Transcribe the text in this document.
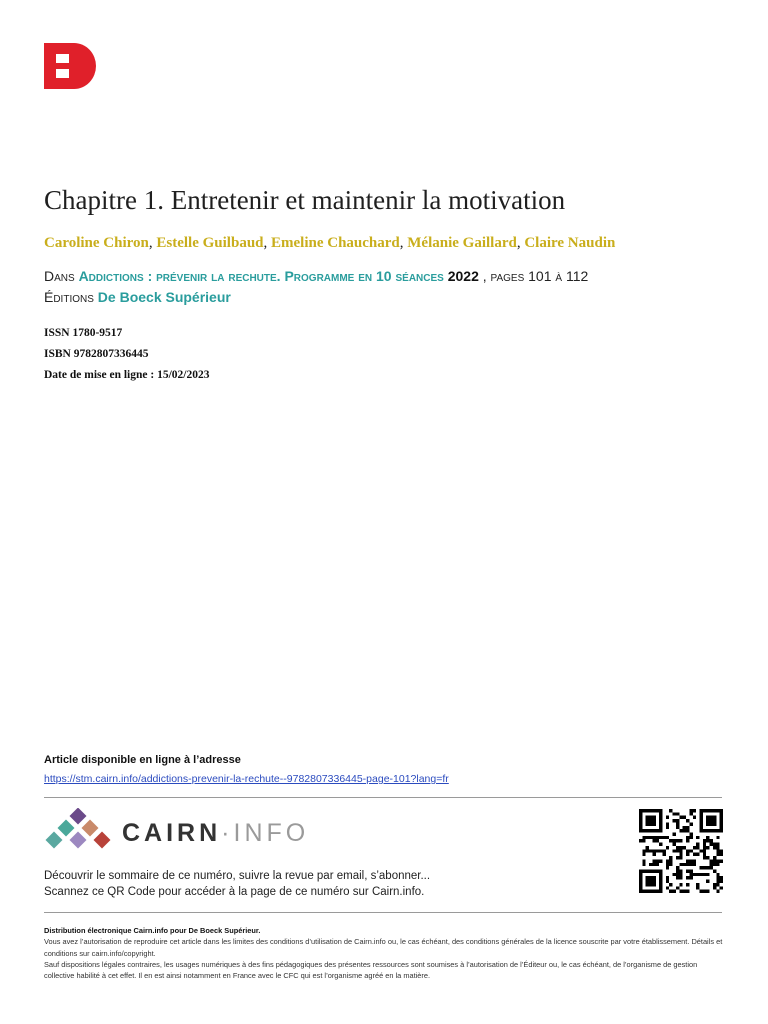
Chapitre 1. Entretenir et maintenir la motivation
Caroline Chiron, Estelle Guilbaud, Emeline Chauchard, Mélanie Gaillard, Claire Naudin
Dans Addictions : prévenir la rechute. Programme en 10 séances 2022 , pages 101 à 112
Éditions De Boeck Supérieur
ISSN 1780-9517
ISBN 9782807336445
Date de mise en ligne : 15/02/2023
Article disponible en ligne à l’adresse
https://stm.cairn.info/addictions-prevenir-la-rechute--9782807336445-page-101?lang=fr
CAIRN·INFO
Découvrir le sommaire de ce numéro, suivre la revue par email, s’abonner...
Scannez ce QR Code pour accéder à la page de ce numéro sur Cairn.info.
Distribution électronique Cairn.info pour De Boeck Supérieur.
Vous avez l’autorisation de reproduire cet article dans les limites des conditions d’utilisation de Cairn.info ou, le cas échéant, des conditions générales de la licence souscrite par votre établissement. Détails et conditions sur cairn.info/copyright.
Sauf dispositions légales contraires, les usages numériques à des fins pédagogiques des présentes ressources sont soumises à l’autorisation de l’Éditeur ou, le cas échéant, de l’organisme de gestion collective habilité à cet effet. Il en est ainsi notamment en France avec le CFC qui est l’organisme agréé en la matière.
